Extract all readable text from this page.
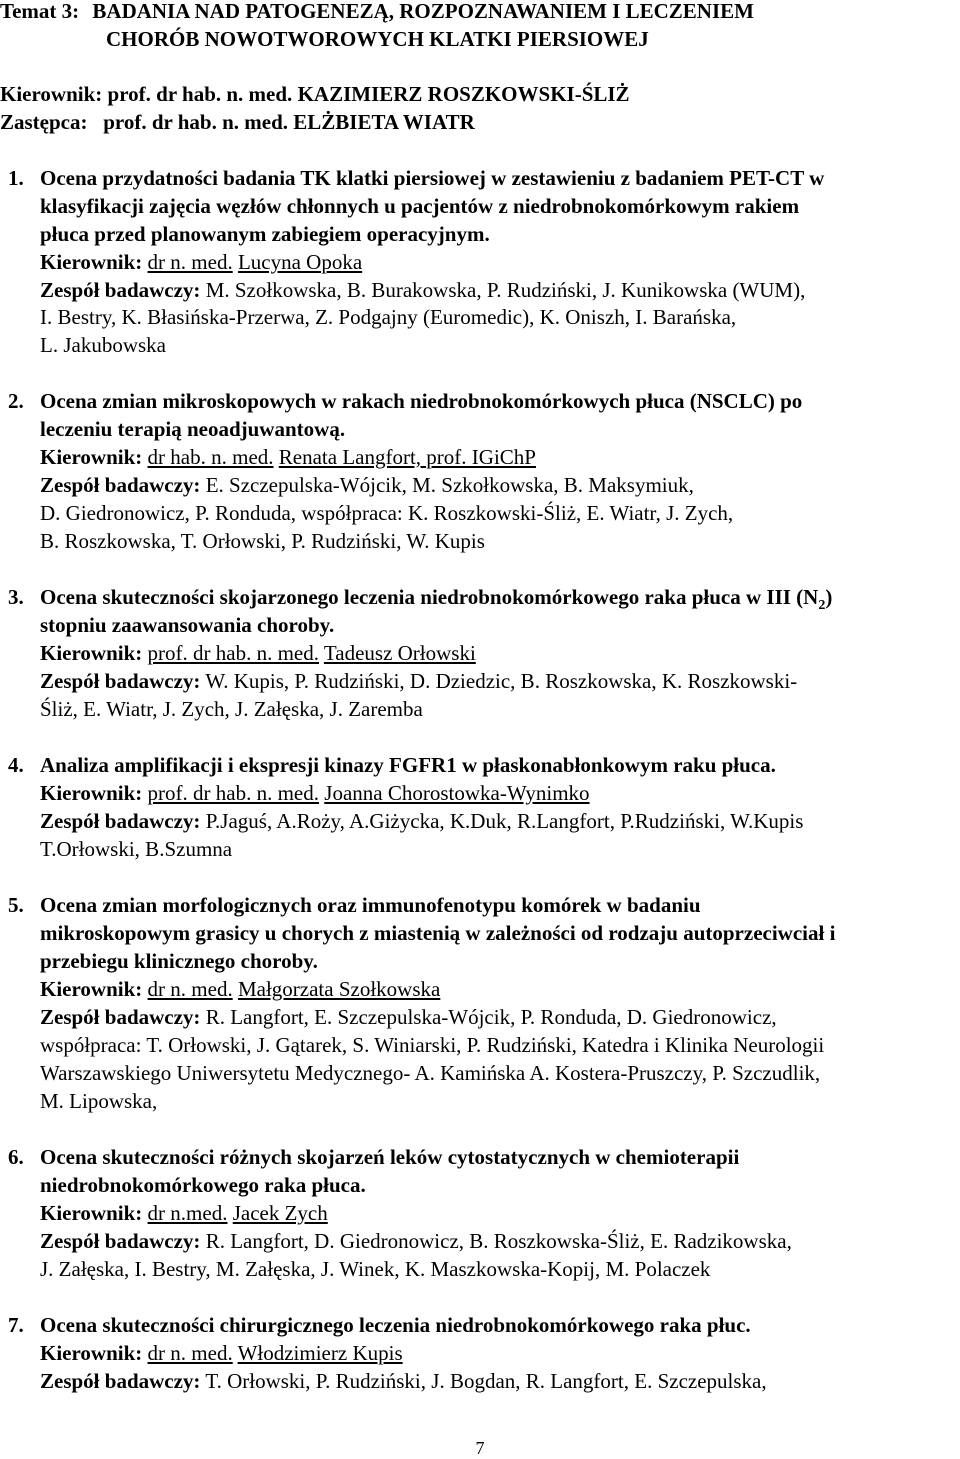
Temat 3: BADANIA NAD PATOGENEZĄ, ROZPOZNAWANIEM I LECZENIEM
CHORÓB NOWOTWOROWYCH KLATKI PIERSIOWEJ
Kierownik: prof. dr hab. n. med. KAZIMIERZ ROSZKOWSKI-ŚLIŻ
Zastępca:   prof. dr hab. n. med. ELŻBIETA WIATR
1. Ocena przydatności badania TK klatki piersiowej w zestawieniu z badaniem PET-CT w
klasyfikacji zajęcia węzłów chłonnych u pacjentów z niedrobnokomórkowym rakiem
płuca przed planowanym zabiegiem operacyjnym.
Kierownik: dr n. med. Lucyna Opoka
Zespół badawczy: M. Szołkowska, B. Burakowska, P. Rudziński, J. Kunikowska (WUM),
I. Bestry, K. Błasińska-Przerwa, Z. Podgajny (Euromedic), K. Oniszh, I. Barańska,
L. Jakubowska
2. Ocena zmian mikroskopowych w rakach niedrobnokomórkowych płuca (NSCLC) po
leczeniu terapią neoadjuwantową.
Kierownik: dr hab. n. med. Renata Langfort, prof. IGiChP
Zespół badawczy: E. Szczepulska-Wójcik, M. Szkołkowska, B. Maksymiuk,
D. Giedronowicz, P. Ronduda, współpraca: K. Roszkowski-Śliż, E. Wiatr, J. Zych,
B. Roszkowska, T. Orłowski, P. Rudziński, W. Kupis
3. Ocena skuteczności skojarzonego leczenia niedrobnokomórkowego raka płuca w III $(N_2)$
stopniu zaawansowania choroby.
Kierownik: prof. dr hab. n. med. Tadeusz Orłowski
Zespół badawczy: W. Kupis, P. Rudziński, D. Dziedzic, B. Roszkowska, K. Roszkowski-
Śliż, E. Wiatr, J. Zych, J. Załęska, J. Zaremba
4. Analiza amplifikacji i ekspresji kinazy FGFR1 w płaskonabłonkowym raku płuca.
Kierownik: prof. dr hab. n. med. Joanna Chorostowka-Wynimko
Zespół badawczy: P.Jaguś, A.Roży, A.Giżycka, K.Duk, R.Langfort, P.Rudziński, W.Kupis
T.Orłowski, B.Szumna
5. Ocena zmian morfologicznych oraz immunofenotypu komórek w badaniu
mikroskopowym grasicy u chorych z miastenią w zależności od rodzaju autoprzeciwciał i
przebiegu klinicznego choroby.
Kierownik: dr n. med. Małgorzata Szołkowska
Zespół badawczy: R. Langfort, E. Szczepulska-Wójcik, P. Ronduda, D. Giedronowicz,
współpraca: T. Orłowski, J. Gątarek, S. Winiarski, P. Rudziński, Katedra i Klinika Neurologii
Warszawskiego Uniwersytetu Medycznego- A. Kamińska A. Kostera-Pruszczy, P. Szczudlik,
M. Lipowska,
6. Ocena skuteczności różnych skojarzeń leków cytostatycznych w chemioterapii
niedrobnokomórkowego raka płuca.
Kierownik: dr n.med. Jacek Zych
Zespół badawczy: R. Langfort, D. Giedronowicz, B. Roszkowska-Śliż, E. Radzikowska,
J. Załęska, I. Bestry, M. Załęska, J. Winek, K. Maszkowska-Kopij, M. Polaczek
7. Ocena skuteczności chirurgicznego leczenia niedrobnokomórkowego raka płuc.
Kierownik: dr n. med. Włodzimierz Kupis
Zespół badawczy: T. Orłowski, P. Rudziński, J. Bogdan, R. Langfort, E. Szczepulska,
7
